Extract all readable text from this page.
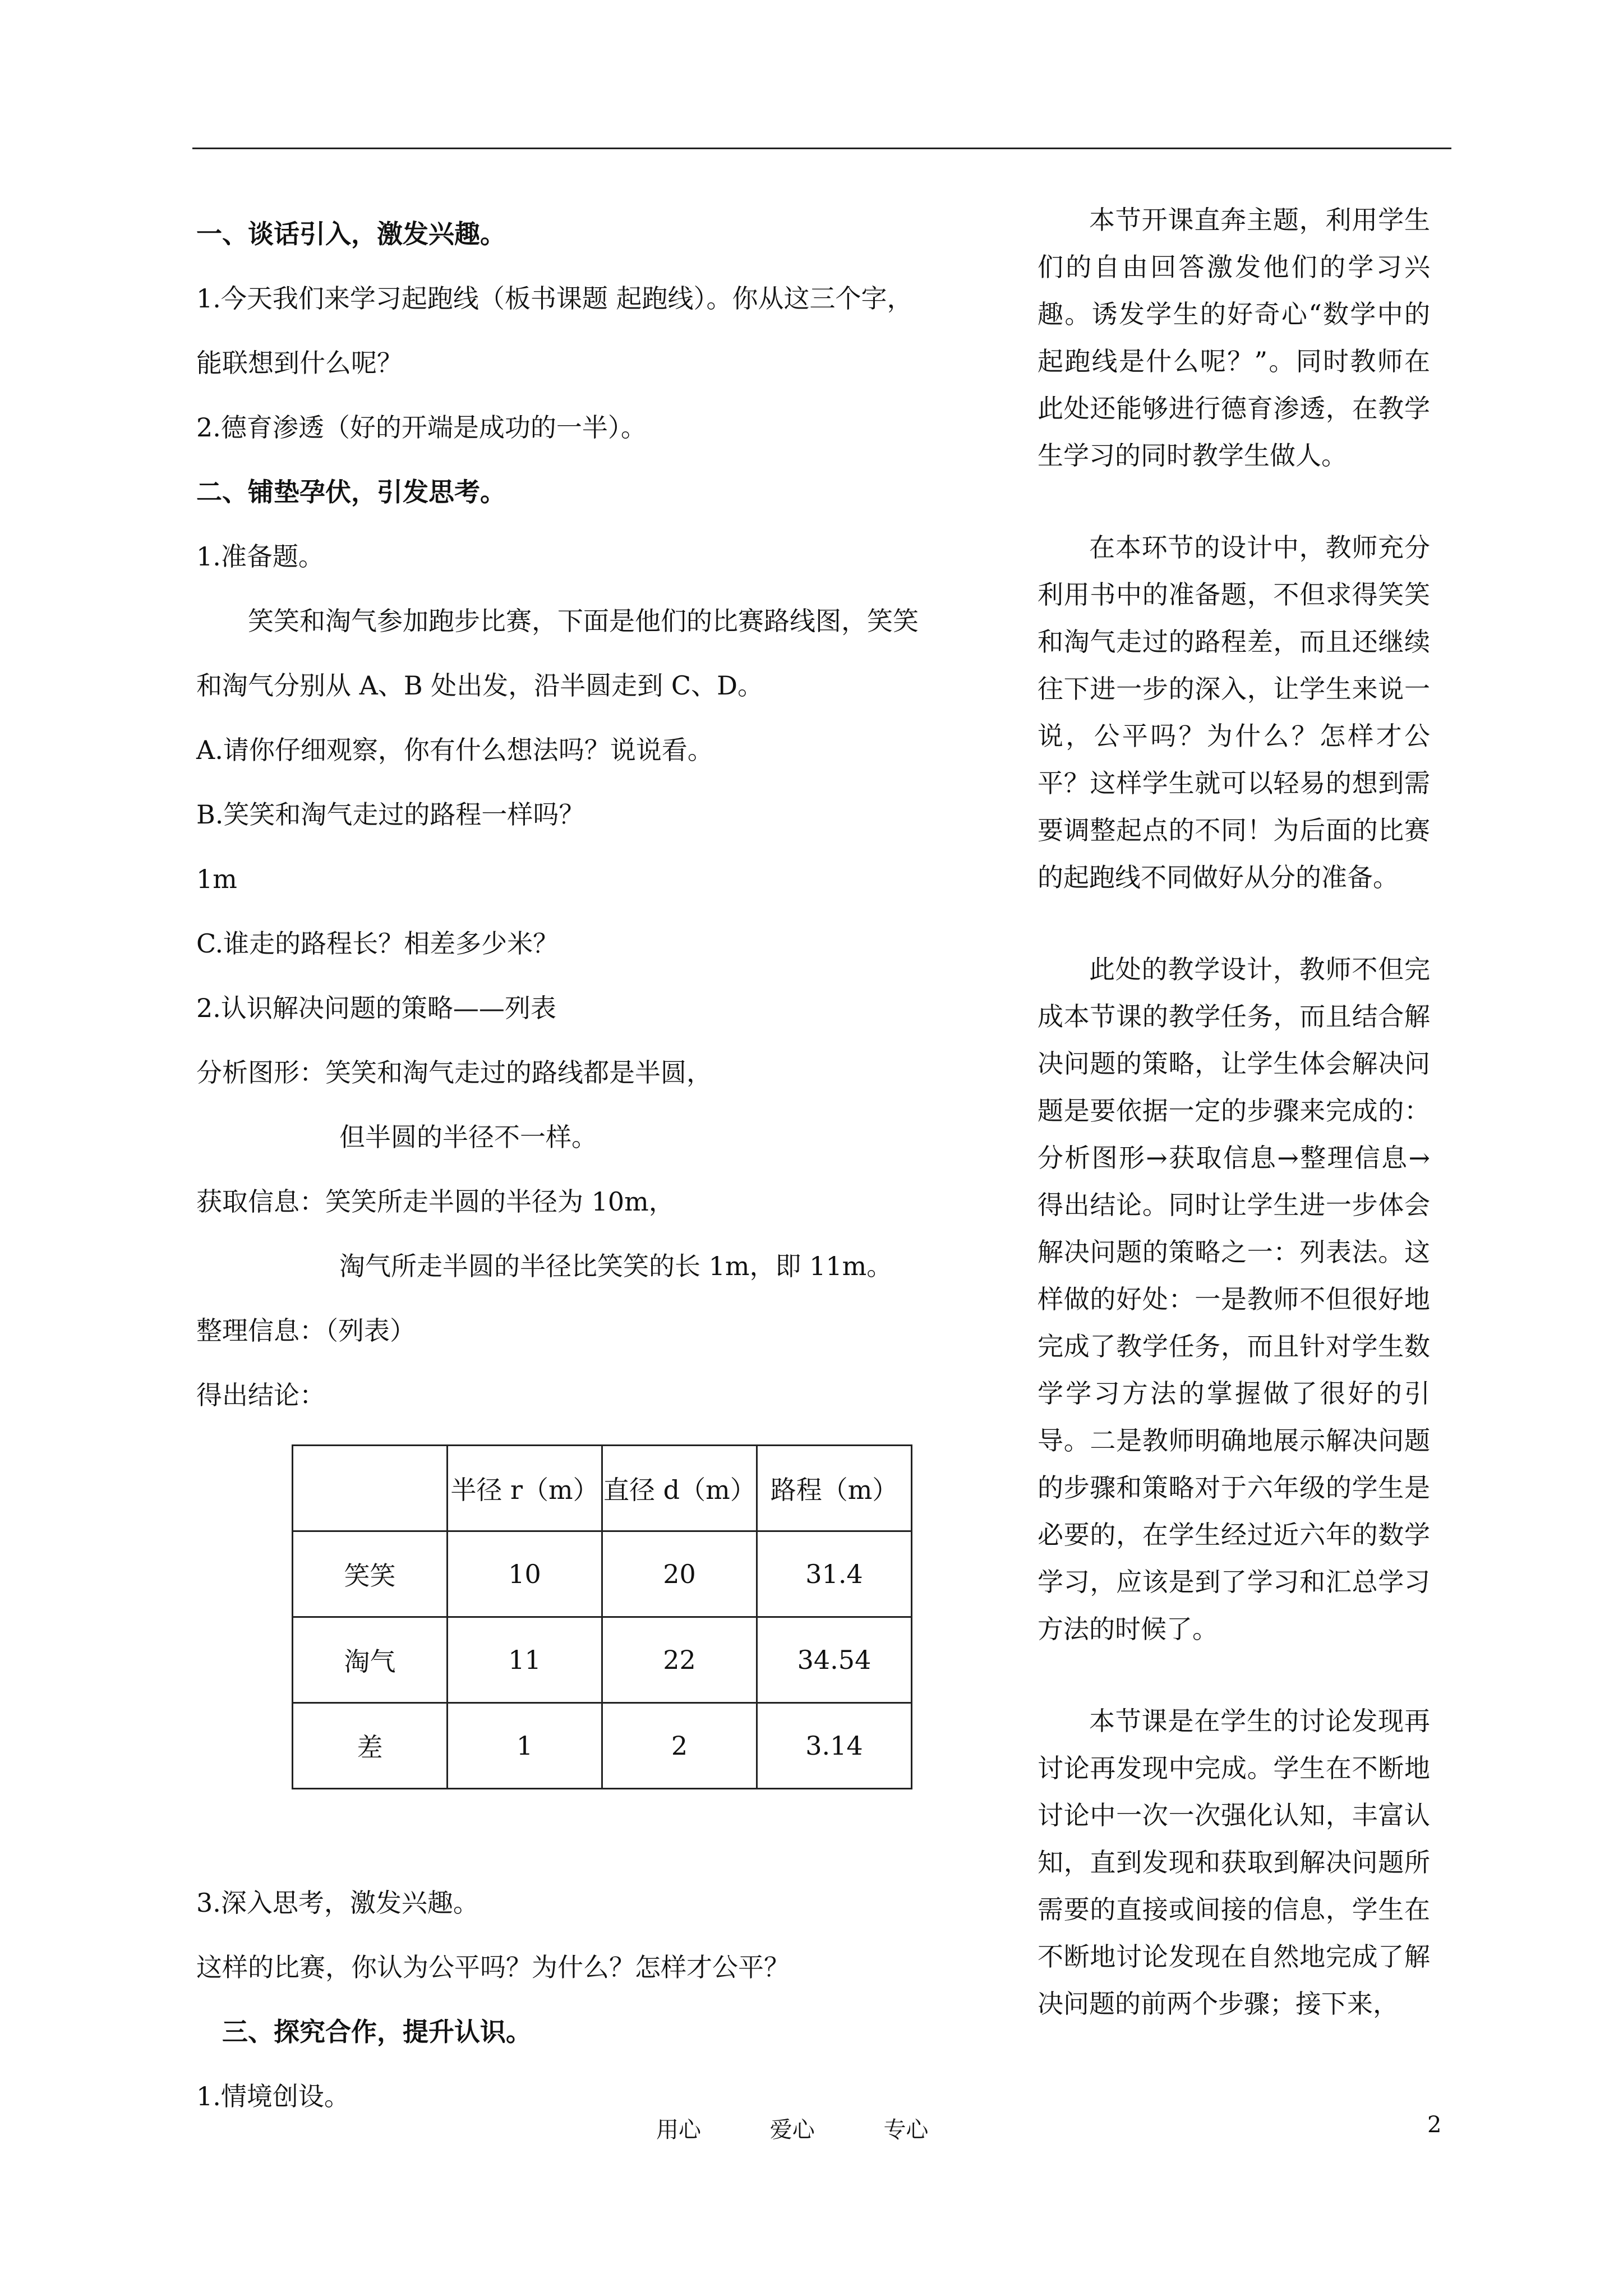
一、谈话引入，激发兴趣。

1.今天我们来学习起跑线（板书课题 起跑线）。你从这三个字，

能联想到什么呢？

2.德育渗透（好的开端是成功的一半）。

二、铺垫孕伏，引发思考。

1.准备题。

笑笑和淘气参加跑步比赛，下面是他们的比赛路线图，笑笑

和淘气分别从 A、B 处出发，沿半圆走到 C、D。

A.请你仔细观察，你有什么想法吗？说说看。

B.笑笑和淘气走过的路程一样吗？

1m

C.谁走的路程长？相差多少米？

2.认识解决问题的策略——列表

分析图形：笑笑和淘气走过的路线都是半圆，

但半圆的半径不一样。

获取信息：笑笑所走半圆的半径为 10m，

淘气所走半圆的半径比笑笑的长 1m，即 11m。

整理信息：（列表）

得出结论：

	半径 r（m）	直径 d（m）	路程（m）
笑笑	10	20	31.4
淘气	11	22	34.54
差	1	2	3.14

3.深入思考，激发兴趣。

这样的比赛，你认为公平吗？为什么？怎样才公平？

三、探究合作，提升认识。

1.情境创设。

本节开课直奔主题，利用学生们的自由回答激发他们的学习兴趣。诱发学生的好奇心“数学中的起跑线是什么呢？”。同时教师在此处还能够进行德育渗透，在教学生学习的同时教学生做人。

在本环节的设计中，教师充分利用书中的准备题，不但求得笑笑和淘气走过的路程差，而且还继续往下进一步的深入，让学生来说一说，公平吗？为什么？怎样才公平？这样学生就可以轻易的想到需要调整起点的不同！为后面的比赛的起跑线不同做好从分的准备。

此处的教学设计，教师不但完成本节课的教学任务，而且结合解决问题的策略，让学生体会解决问题是要依据一定的步骤来完成的：分析图形→获取信息→整理信息→得出结论。同时让学生进一步体会解决问题的策略之一：列表法。这样做的好处：一是教师不但很好地完成了教学任务，而且针对学生数学学习方法的掌握做了很好的引导。二是教师明确地展示解决问题的步骤和策略对于六年级的学生是必要的，在学生经过近六年的数学学习，应该是到了学习和汇总学习方法的时候了。

本节课是在学生的讨论发现再讨论再发现中完成。学生在不断地讨论中一次一次强化认知，丰富认知，直到发现和获取到解决问题所需要的直接或间接的信息，学生在不断地讨论发现在自然地完成了解决问题的前两个步骤；接下来，

用心	爱心	专心	2
